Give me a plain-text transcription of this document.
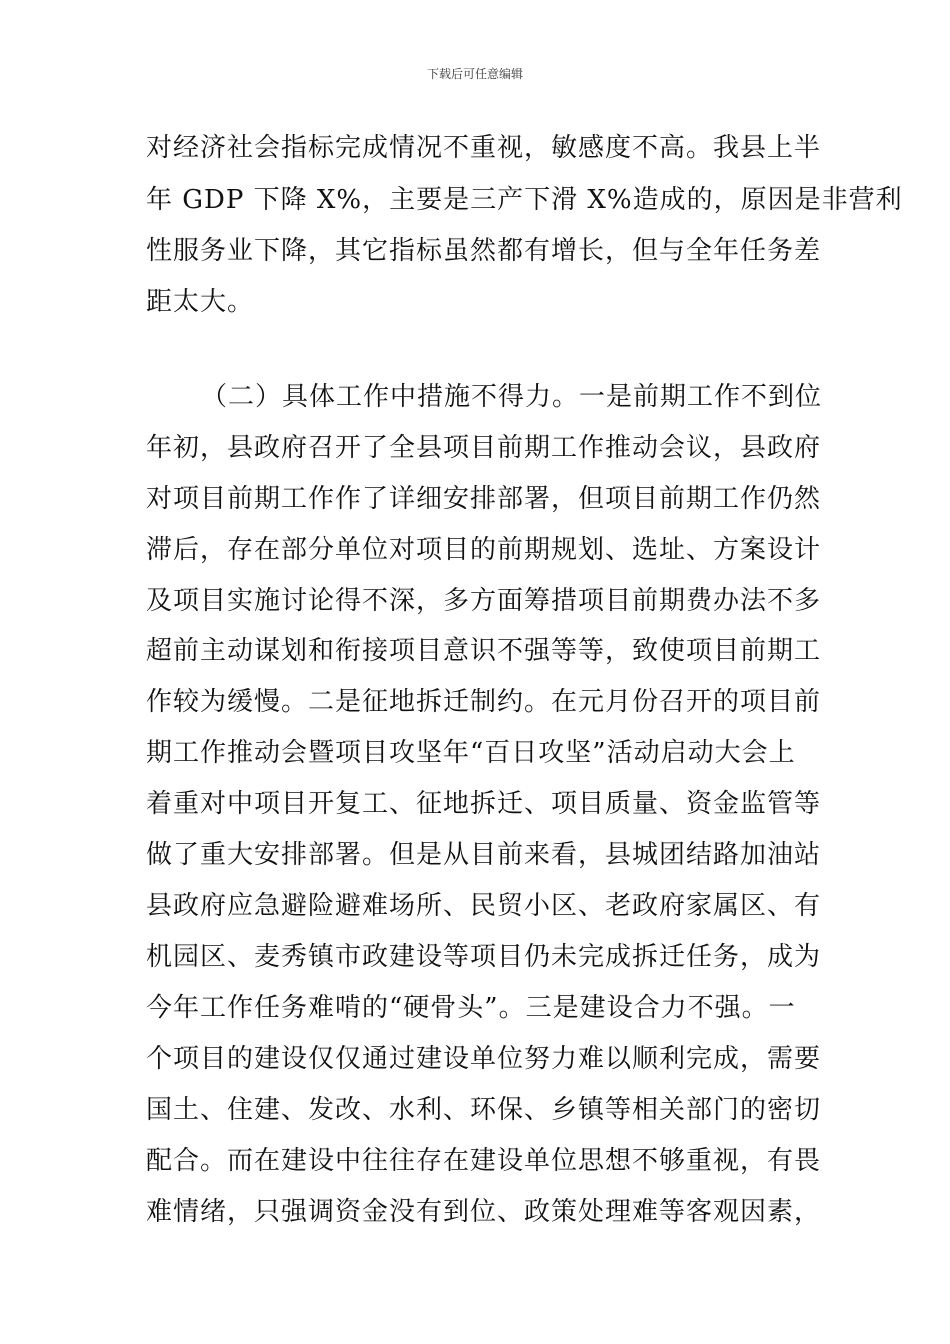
下载后可任意编辑
对经济社会指标完成情况不重视，敏感度不高。我县上半
年 GDP 下降 X%，主要是三产下滑 X%造成的，原因是非营利
性服务业下降，其它指标虽然都有增长，但与全年任务差
距太大。
（二）具体工作中措施不得力。一是前期工作不到位
年初，县政府召开了全县项目前期工作推动会议，县政府
对项目前期工作作了详细安排部署，但项目前期工作仍然
滞后，存在部分单位对项目的前期规划、选址、方案设计
及项目实施讨论得不深，多方面筹措项目前期费办法不多
超前主动谋划和衔接项目意识不强等等，致使项目前期工
作较为缓慢。二是征地拆迁制约。在元月份召开的项目前
期工作推动会暨项目攻坚年“百日攻坚”活动启动大会上
着重对中项目开复工、征地拆迁、项目质量、资金监管等
做了重大安排部署。但是从目前来看，县城团结路加油站
县政府应急避险避难场所、民贸小区、老政府家属区、有
机园区、麦秀镇市政建设等项目仍未完成拆迁任务，成为
今年工作任务难啃的“硬骨头”。三是建设合力不强。一
个项目的建设仅仅通过建设单位努力难以顺利完成，需要
国土、住建、发改、水利、环保、乡镇等相关部门的密切
配合。而在建设中往往存在建设单位思想不够重视，有畏
难情绪，只强调资金没有到位、政策处理难等客观因素，
